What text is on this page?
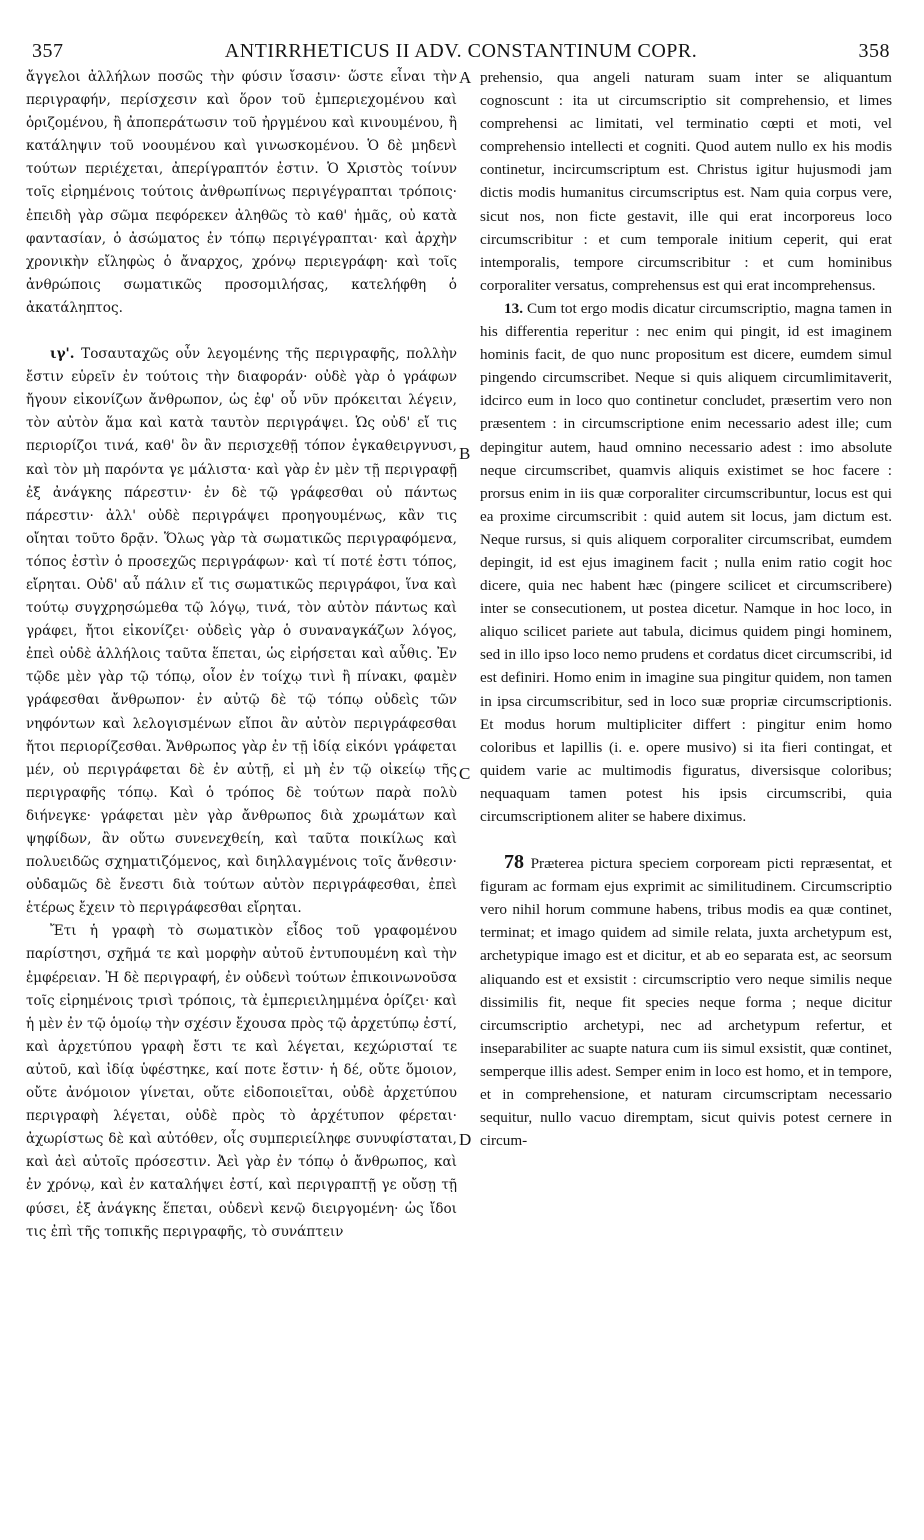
357	ANTIRRHETICUS II ADV. CONSTANTINUM COPR.	358

ἄγγελοι ἀλλήλων ποσῶς τὴν φύσιν ἴσασιν· ὥστε εἶναι τὴν περιγραφήν, περίσχεσιν καὶ ὅρον τοῦ ἐμπεριεχομένου καὶ ὁριζομένου, ἢ ἀποπεράτωσιν τοῦ ἠργμένου καὶ κινουμένου, ἢ κατάληψιν τοῦ νοουμένου καὶ γινωσκομένου. Ὁ δὲ μηδενὶ τούτων περιέχεται, ἀπερίγραπτόν ἐστιν. Ὁ Χριστὸς τοίνυν τοῖς εἰρημένοις τούτοις ἀνθρωπίνως περιγέγραπται τρόποις· ἐπειδὴ γὰρ σῶμα πεφόρεκεν ἀληθῶς τὸ καθ' ἡμᾶς, οὐ κατὰ φαντασίαν, ὁ ἀσώματος ἐν τόπῳ περιγέγραπται· καὶ ἀρχὴν χρονικὴν εἴληφὼς ὁ ἄναρχος, χρόνῳ περιεγράφη· καὶ τοῖς ἀνθρώποις σωματικῶς προσομιλήσας, κατελήφθη ὁ ἀκατάληπτος.

ιγ'. Τοσαυταχῶς οὖν λεγομένης τῆς περιγραφῆς, πολλὴν ἔστιν εὑρεῖν ἐν τούτοις τὴν διαφοράν· οὐδὲ γὰρ ὁ γράφων ἤγουν εἰκονίζων ἄνθρωπον, ὡς ἐφ' οὗ νῦν πρόκειται λέγειν, τὸν αὐτὸν ἅμα καὶ κατὰ ταυτὸν περιγράψει. Ὡς οὐδ' εἴ τις περιορίζοι τινά, καθ' ὃν ἂν περισχεθῇ τόπον ἐγκαθειργνυσι, καὶ τὸν μὴ παρόντα γε μάλιστα· καὶ γὰρ ἐν μὲν τῇ περιγραφῇ ἐξ ἀνάγκης πάρεστιν· ἐν δὲ τῷ γράφεσθαι οὐ πάντως πάρεστιν· ἀλλ' οὐδὲ περιγράψει προηγουμένως, κἂν τις οἴηται τοῦτο δρᾷν. Ὅλως γὰρ τὰ σωματικῶς περιγραφόμενα, τόπος ἐστὶν ὁ προσεχῶς περιγράφων· καὶ τί ποτέ ἐστι τόπος, εἴρηται. Οὐδ' αὖ πάλιν εἴ τις σωματικῶς περιγράφοι, ἵνα καὶ τούτῳ συγχρησώμεθα τῷ λόγῳ, τινά, τὸν αὐτὸν πάντως καὶ γράφει, ἤτοι εἰκονίζει· οὐδεὶς γὰρ ὁ συναναγκάζων λόγος, ἐπεὶ οὐδὲ ἀλλήλοις ταῦτα ἕπεται, ὡς εἰρήσεται καὶ αὖθις. Ἐν τῷδε μὲν γὰρ τῷ τόπῳ, οἷον ἐν τοίχῳ τινὶ ἢ πίνακι, φαμὲν γράφεσθαι ἄνθρωπον· ἐν αὐτῷ δὲ τῷ τόπῳ οὐδεὶς τῶν νηφόντων καὶ λελογισμένων εἴποι ἂν αὐτὸν περιγράφεσθαι ἤτοι περιορίζεσθαι. Ἄνθρωπος γὰρ ἐν τῇ ἰδίᾳ εἰκόνι γράφεται μέν, οὐ περιγράφεται δὲ ἐν αὐτῇ, εἰ μὴ ἐν τῷ οἰκείῳ τῆς περιγραφῆς τόπῳ. Καὶ ὁ τρόπος δὲ τούτων παρὰ πολὺ διήνεγκε· γράφεται μὲν γὰρ ἄνθρωπος διὰ χρωμάτων καὶ ψηφίδων, ἂν οὕτω συνενεχθείη, καὶ ταῦτα ποικίλως καὶ πολυειδῶς σχηματιζόμενος, καὶ διηλλαγμένοις τοῖς ἄνθεσιν· οὐδαμῶς δὲ ἔνεστι διὰ τούτων αὐτὸν περιγράφεσθαι, ἐπεὶ ἑτέρως ἔχειν τὸ περιγράφεσθαι εἴρηται.

Ἔτι ἡ γραφὴ τὸ σωματικὸν εἶδος τοῦ γραφομένου παρίστησι, σχῆμά τε καὶ μορφὴν αὐτοῦ ἐντυπουμένη καὶ τὴν ἐμφέρειαν. Ἡ δὲ περιγραφή, ἐν οὐδενὶ τούτων ἐπικοινωνοῦσα τοῖς εἰρημένοις τρισὶ τρόποις, τὰ ἐμπεριειλημμένα ὁρίζει· καὶ ἡ μὲν ἐν τῷ ὁμοίῳ τὴν σχέσιν ἔχουσα πρὸς τῷ ἀρχετύπῳ ἐστί, καὶ ἀρχετύπου γραφὴ ἔστι τε καὶ λέγεται, κεχώρισταί τε αὐτοῦ, καὶ ἰδίᾳ ὑφέστηκε, καί ποτε ἔστιν· ἡ δέ, οὔτε ὅμοιον, οὔτε ἀνόμοιον γίνεται, οὔτε εἰδοποιεῖται, οὐδὲ ἀρχετύπου περιγραφὴ λέγεται, οὐδὲ πρὸς τὸ ἀρχέτυπον φέρεται· ἀχωρίστως δὲ καὶ αὐτόθεν, οἷς συμπεριείληφε συνυφίσταται, καὶ ἀεὶ αὐτοῖς πρόσεστιν. Ἀεὶ γὰρ ἐν τόπῳ ὁ ἄνθρωπος, καὶ ἐν χρόνῳ, καὶ ἐν καταλήψει ἐστί, καὶ περιγραπτῇ γε οὔσῃ τῇ φύσει, ἐξ ἀνάγκης ἕπεται, οὐδενὶ κενῷ διειργομένη· ὡς ἴδοι τις ἐπὶ τῆς τοπικῆς περιγραφῆς, τὸ συνάπτειν

A
B
C
D

prehensio, qua angeli naturam suam inter se aliquantum cognoscunt : ita ut circumscriptio sit comprehensio, et limes comprehensi ac limitati, vel terminatio cœpti et moti, vel comprehensio intellecti et cogniti. Quod autem nullo ex his modis continetur, incircumscriptum est. Christus igitur hujusmodi jam dictis modis humanitus circumscriptus est. Nam quia corpus vere, sicut nos, non ficte gestavit, ille qui erat incorporeus loco circumscribitur : et cum temporale initium ceperit, qui erat intemporalis, tempore circumscribitur : et cum hominibus corporaliter versatus, comprehensus est qui erat incomprehensus.

13. Cum tot ergo modis dicatur circumscriptio, magna tamen in his differentia reperitur : nec enim qui pingit, id est imaginem hominis facit, de quo nunc propositum est dicere, eumdem simul pingendo circumscribet. Neque si quis aliquem circumlimitaverit, idcirco eum in loco quo continetur concludet, præsertim vero non præsentem : in circumscriptione enim necessario adest ille; cum depingitur autem, haud omnino necessario adest : imo absolute neque circumscribet, quamvis aliquis existimet se hoc facere : prorsus enim in iis quæ corporaliter circumscribuntur, locus est qui ea proxime circumscribit : quid autem sit locus, jam dictum est. Neque rursus, si quis aliquem corporaliter circumscribat, eumdem depingit, id est ejus imaginem facit ; nulla enim ratio cogit hoc dicere, quia nec habent hæc (pingere scilicet et circumscribere) inter se consecutionem, ut postea dicetur. Namque in hoc loco, in aliquo scilicet pariete aut tabula, dicimus quidem pingi hominem, sed in illo ipso loco nemo prudens et cordatus dicet circumscribi, id est definiri. Homo enim in imagine sua pingitur quidem, non tamen in ipsa circumscribitur, sed in loco suæ propriæ circumscriptionis. Et modus horum multipliciter differt : pingitur enim homo coloribus et lapillis (i. e. opere musivo) si ita fieri contingat, et quidem varie ac multimodis figuratus, diversisque coloribus; nequaquam tamen potest his ipsis circumscribi, quia circumscriptionem aliter se habere diximus.

78 Præterea pictura speciem corpoream picti repræsentat, et figuram ac formam ejus exprimit ac similitudinem. Circumscriptio vero nihil horum commune habens, tribus modis ea quæ continet, terminat; et imago quidem ad simile relata, juxta archetypum est, archetypique imago est et dicitur, et ab eo separata est, ac seorsum aliquando est et exsistit : circumscriptio vero neque similis neque dissimilis fit, neque fit species neque forma ; neque dicitur circumscriptio archetypi, nec ad archetypum refertur, et inseparabiliter ac suapte natura cum iis simul exsistit, quæ continet, semperque illis adest. Semper enim in loco est homo, et in tempore, et in comprehensione, et naturam circumscriptam necessario sequitur, nullo vacuo diremptam, sicut quivis potest cernere in circum-
